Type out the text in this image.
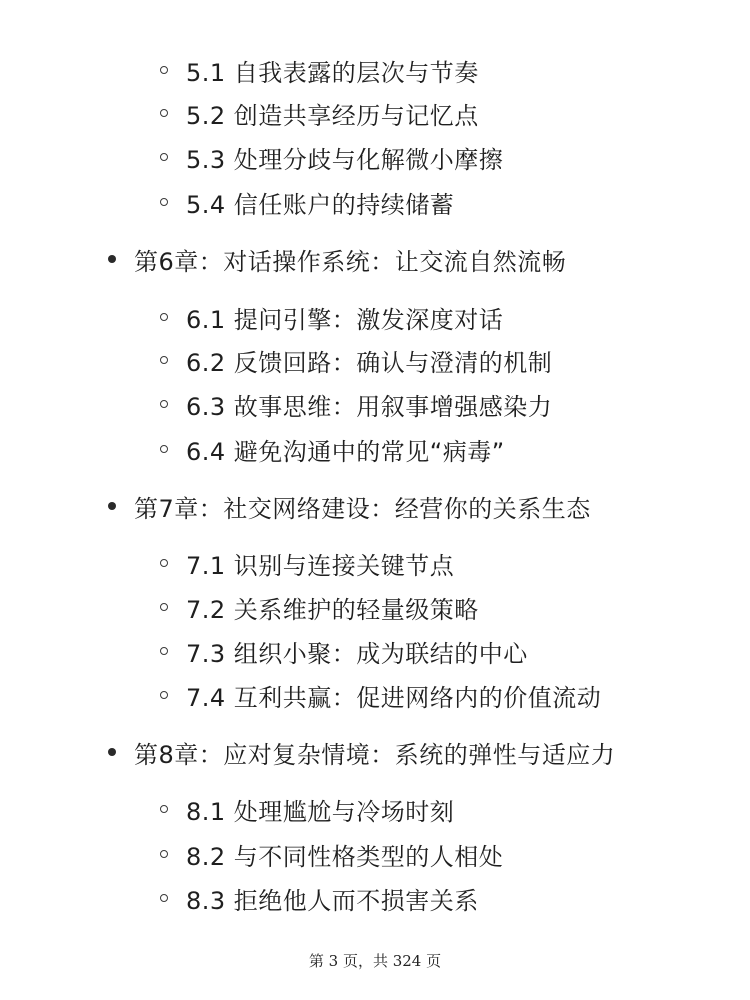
5.1 自我表露的层次与节奏
5.2 创造共享经历与记忆点
5.3 处理分歧与化解微小摩擦
5.4 信任账户的持续储蓄
第6章：对话操作系统：让交流自然流畅
6.1 提问引擎：激发深度对话
6.2 反馈回路：确认与澄清的机制
6.3 故事思维：用叙事增强感染力
6.4 避免沟通中的常见“病毒”
第7章：社交网络建设：经营你的关系生态
7.1 识别与连接关键节点
7.2 关系维护的轻量级策略
7.3 组织小聚：成为联结的中心
7.4 互利共赢：促进网络内的价值流动
第8章：应对复杂情境：系统的弹性与适应力
8.1 处理尴尬与冷场时刻
8.2 与不同性格类型的人相处
8.3 拒绝他人而不损害关系
第 3 页，共 324 页
